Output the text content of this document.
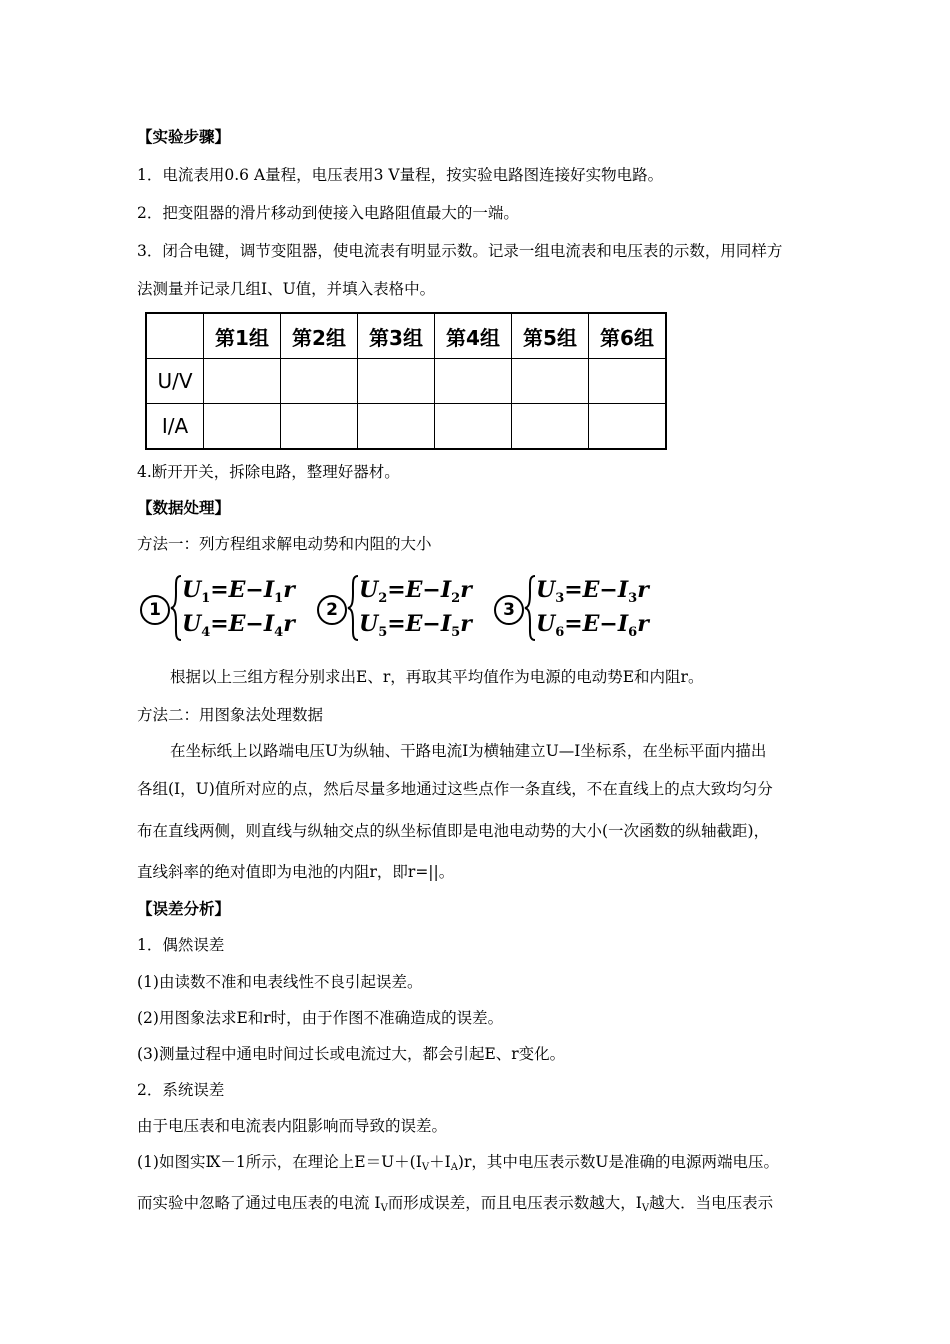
【实验步骤】
1．电流表用0.6 A量程，电压表用3 V量程，按实验电路图连接好实物电路。
2．把变阻器的滑片移动到使接入电路阻值最大的一端。
3．闭合电键，调节变阻器，使电流表有明显示数。记录一组电流表和电压表的示数，用同样方
法测量并记录几组I、U值，并填入表格中。
	第1组	第2组	第3组	第4组	第5组	第6组
U/V						
I/A						
4.断开开关，拆除电路，整理好器材。
【数据处理】
方法一：列方程组求解电动势和内阻的大小
1
$U_1=E-I_1r$
$U_4=E-I_4r$
2
$U_2=E-I_2r$
$U_5=E-I_5r$
3
$U_3=E-I_3r$
$U_6=E-I_6r$
根据以上三组方程分别求出E、r，再取其平均值作为电源的电动势E和内阻r。
方法二：用图象法处理数据
在坐标纸上以路端电压U为纵轴、干路电流I为横轴建立U—I坐标系，在坐标平面内描出
各组(I，U)值所对应的点，然后尽量多地通过这些点作一条直线，不在直线上的点大致均匀分
布在直线两侧，则直线与纵轴交点的纵坐标值即是电池电动势的大小(一次函数的纵轴截距)，
直线斜率的绝对值即为电池的内阻r，即r=||。
【误差分析】
1．偶然误差
(1)由读数不准和电表线性不良引起误差。
(2)用图象法求E和r时，由于作图不准确造成的误差。
(3)测量过程中通电时间过长或电流过大，都会引起E、r变化。
2．系统误差
由于电压表和电流表内阻影响而导致的误差。
(1)如图实Ⅸ－1所示，在理论上$E=U+(I_V+I_A)r$，其中电压表示数U是准确的电源两端电压。
而实验中忽略了通过电压表的电流 $I_V$而形成误差，而且电压表示数越大，$I_V$越大．当电压表示
